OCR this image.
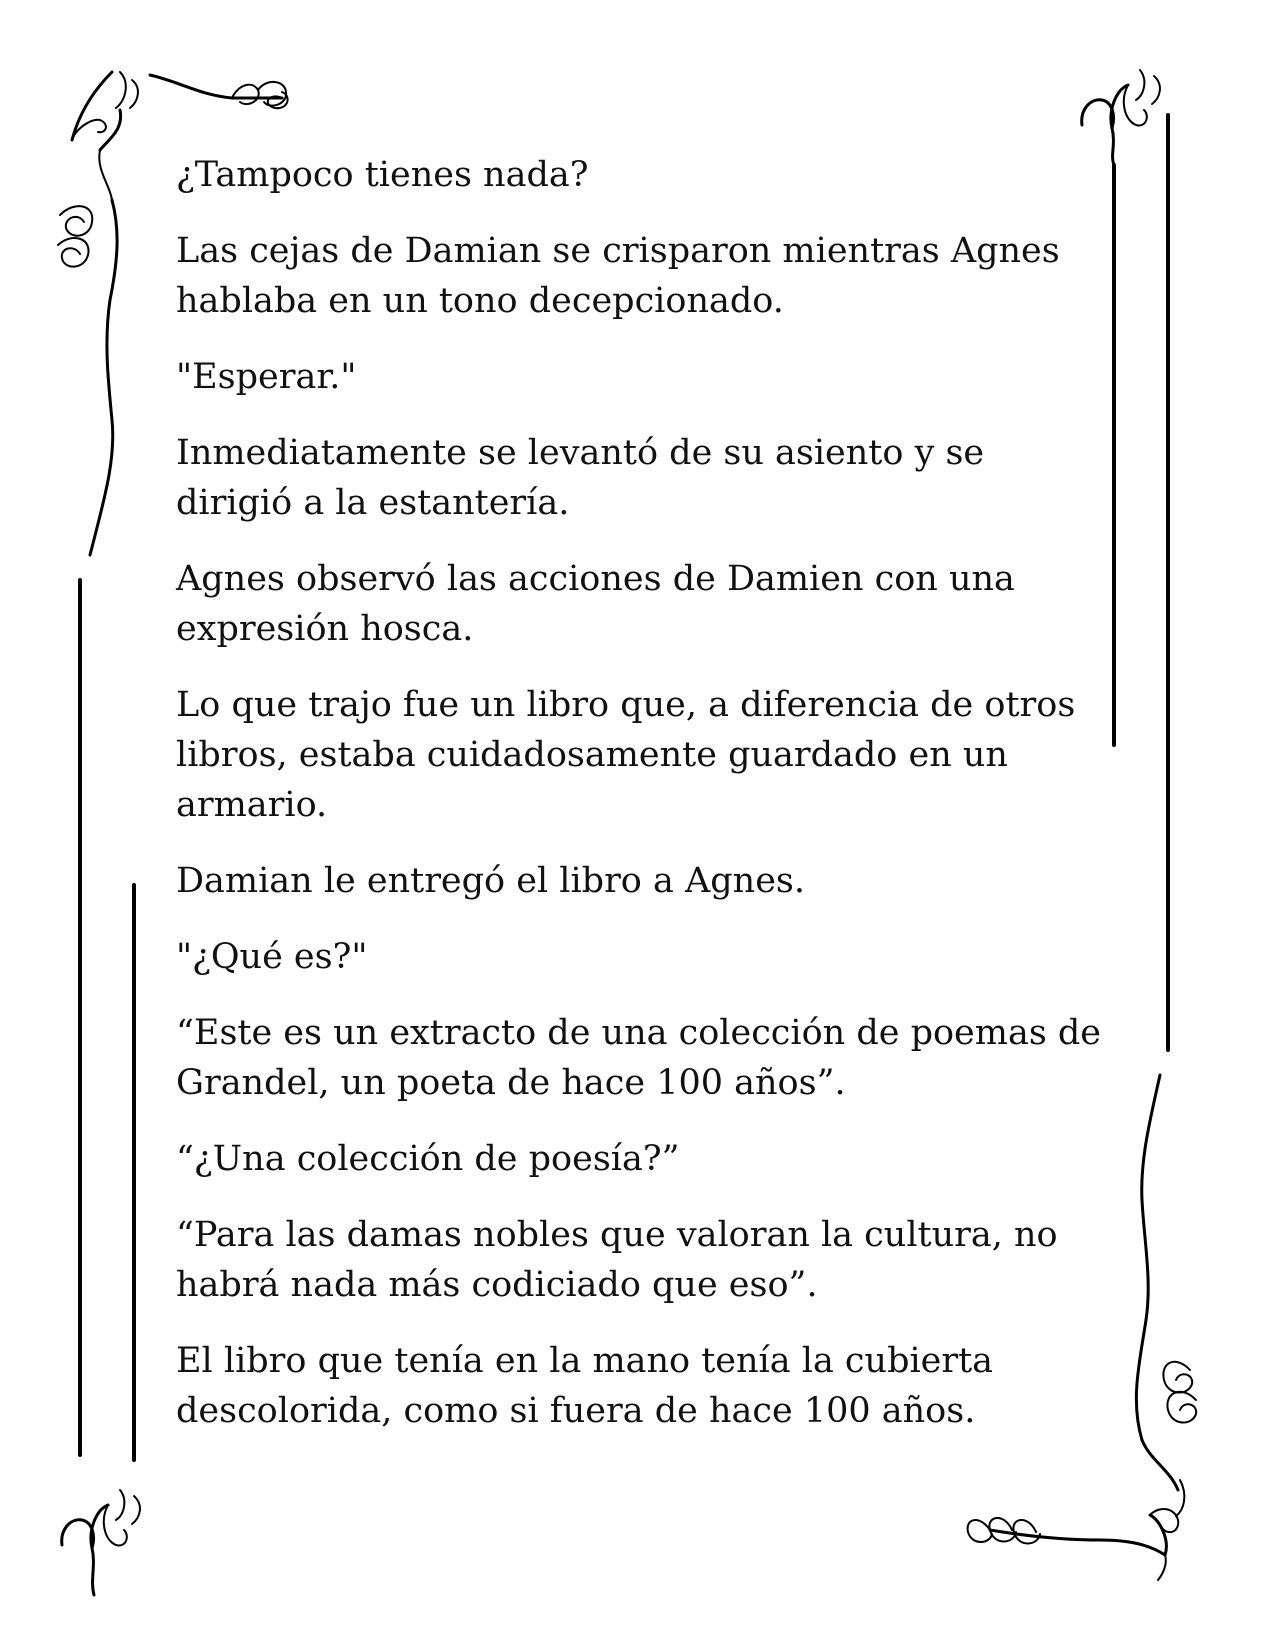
¿Tampoco tienes nada?

Las cejas de Damian se crisparon mientras Agnes hablaba en un tono decepcionado.

"Esperar."

Inmediatamente se levantó de su asiento y se dirigió a la estantería.

Agnes observó las acciones de Damien con una expresión hosca.

Lo que trajo fue un libro que, a diferencia de otros libros, estaba cuidadosamente guardado en un armario.

Damian le entregó el libro a Agnes.

"¿Qué es?"

“Este es un extracto de una colección de poemas de Grandel, un poeta de hace 100 años”.

“¿Una colección de poesía?”

“Para las damas nobles que valoran la cultura, no habrá nada más codiciado que eso”.

El libro que tenía en la mano tenía la cubierta descolorida, como si fuera de hace 100 años.
